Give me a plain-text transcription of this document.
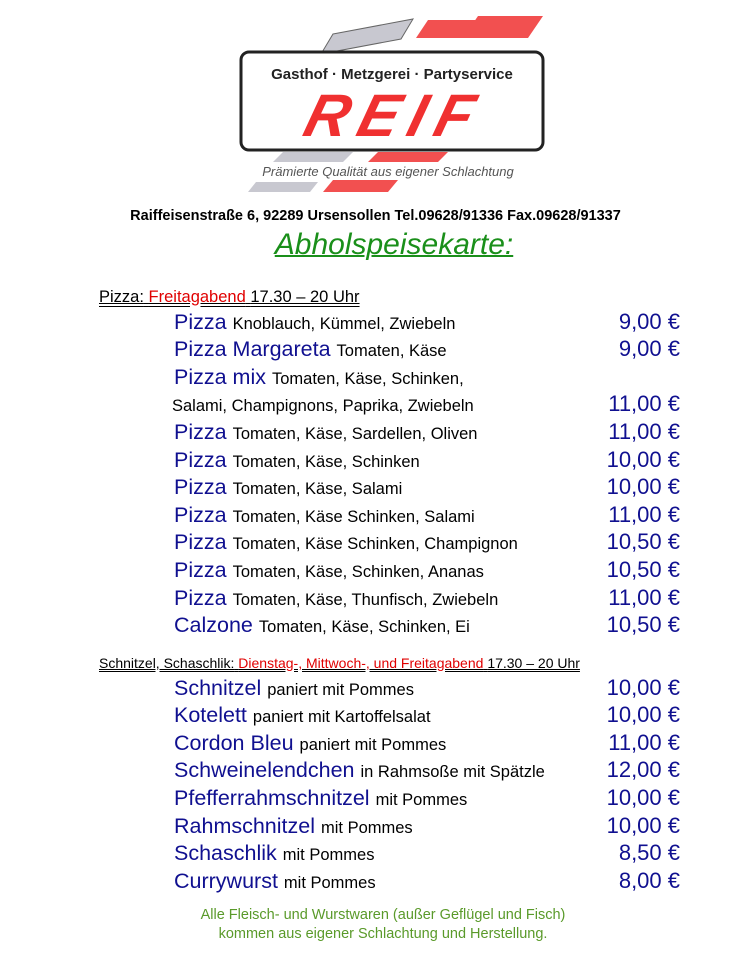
Gasthof · Metzgerei · Partyservice
REIF
Prämierte Qualität aus eigener Schlachtung
Raiffeisenstraße 6, 92289 Ursensollen Tel.09628/91336 Fax.09628/91337
Abholspeisekarte:
Pizza: Freitagabend 17.30 – 20 Uhr
Pizza Knoblauch, Kümmel, Zwiebeln	9,00 €
Pizza Margareta Tomaten, Käse	9,00 €
Pizza mix Tomaten, Käse, Schinken,
Salami, Champignons, Paprika, Zwiebeln	11,00 €
Pizza Tomaten, Käse, Sardellen, Oliven	11,00 €
Pizza Tomaten, Käse, Schinken	10,00 €
Pizza Tomaten, Käse, Salami	10,00 €
Pizza Tomaten, Käse Schinken, Salami	11,00 €
Pizza Tomaten, Käse Schinken, Champignon	10,50 €
Pizza Tomaten, Käse, Schinken, Ananas	10,50 €
Pizza Tomaten, Käse, Thunfisch, Zwiebeln	11,00 €
Calzone Tomaten, Käse, Schinken, Ei	10,50 €
Schnitzel, Schaschlik: Dienstag-, Mittwoch-, und Freitagabend 17.30 – 20 Uhr
Schnitzel paniert mit Pommes	10,00 €
Kotelett paniert mit Kartoffelsalat	10,00 €
Cordon Bleu paniert mit Pommes	11,00 €
Schweinelendchen in Rahmsoße mit Spätzle	12,00 €
Pfefferrahmschnitzel mit Pommes	10,00 €
Rahmschnitzel mit Pommes	10,00 €
Schaschlik mit Pommes	8,50 €
Currywurst mit Pommes	8,00 €
Alle Fleisch- und Wurstwaren (außer Geflügel und Fisch)
kommen aus eigener Schlachtung und Herstellung.
